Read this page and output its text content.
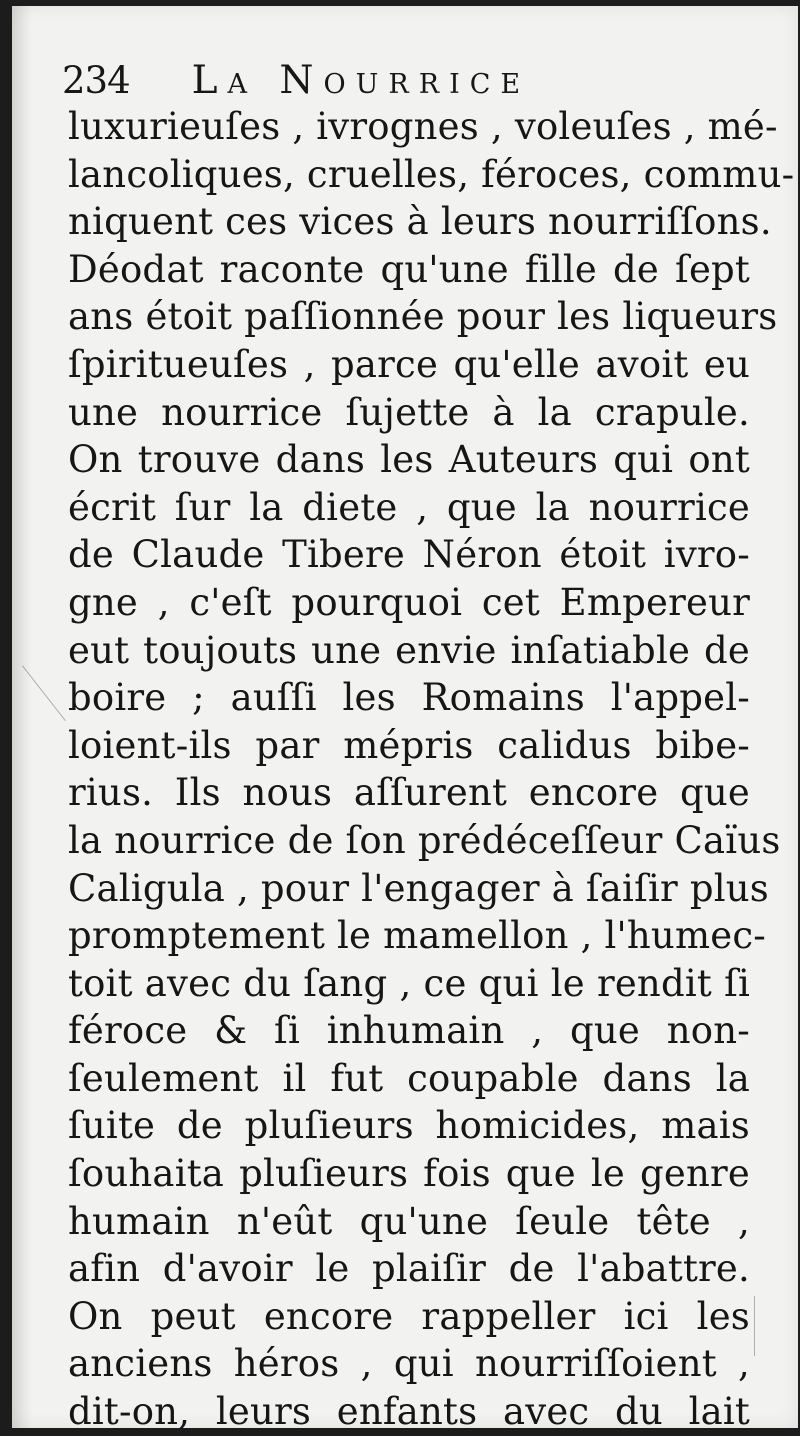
234 La Nourrice
luxurieuſes , ivrognes , voleuſes , mé-
lancoliques, cruelles, féroces, commu-
niquent ces vices à leurs nourriſſons.
Déodat raconte qu'une fille de ſept
ans étoit paſſionnée pour les liqueurs
ſpiritueuſes , parce qu'elle avoit eu
une nourrice ſujette à la crapule.
On trouve dans les Auteurs qui ont
écrit ſur la diete , que la nourrice
de Claude Tibere Néron étoit ivro-
gne , c'eſt pourquoi cet Empereur
eut toujouts une envie inſatiable de
boire ; auſſi les Romains l'appel-
loient-ils par mépris calidus bibe-
rius. Ils nous aſſurent encore que
la nourrice de ſon prédéceſſeur Caïus
Caligula , pour l'engager à ſaiſir plus
promptement le mamellon , l'humec-
toit avec du ſang , ce qui le rendit ſi
féroce & ſi inhumain , que non-
ſeulement il fut coupable dans la
ſuite de pluſieurs homicides, mais
ſouhaita pluſieurs fois que le genre
humain n'eût qu'une ſeule tête ,
afin d'avoir le plaiſir de l'abattre.
On peut encore rappeller ici les
anciens héros , qui nourriſſoient ,
dit-on, leurs enfants avec du lait
